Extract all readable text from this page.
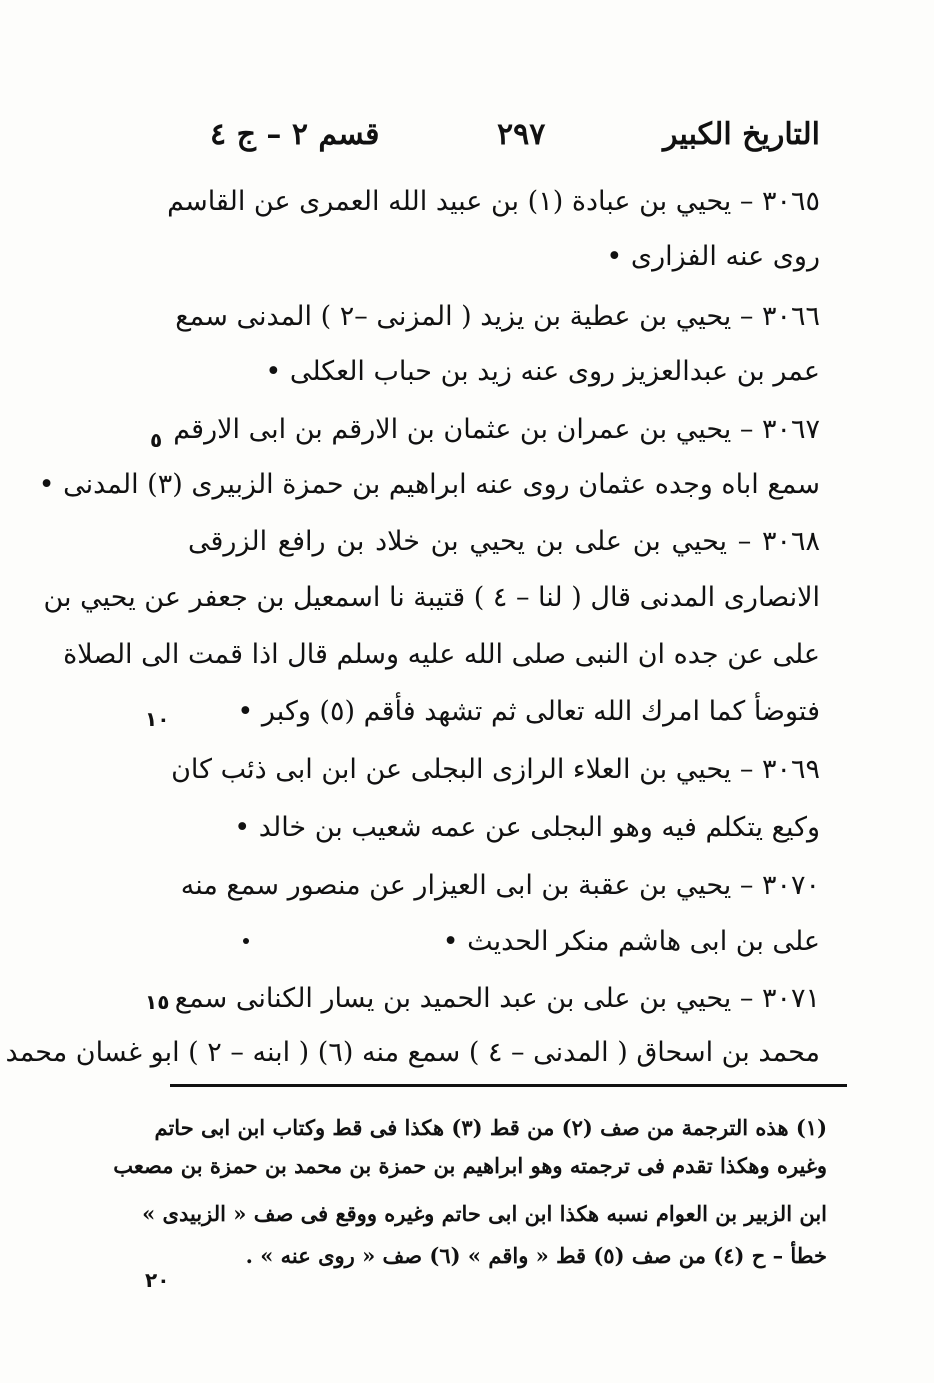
التاريخ الكبير
٢٩٧
قسم ٢ – ج ٤
٣٠٦٥ – يحيي بن عبادة (١) بن عبيد الله العمرى عن القاسم
روى عنه الفزارى •
٣٠٦٦ – يحيي بن عطية بن يزيد ( المزنى –٢ ) المدنى سمع
عمر بن عبدالعزيز روى عنه زيد بن حباب العكلى •
٣٠٦٧ – يحيي بن عمران بن عثمان بن الارقم بن ابى الارقم
سمع اباه وجده عثمان روى عنه ابراهيم بن حمزة الزبيرى (٣) المدنى •
٣٠٦٨ – يحيي بن على بن يحيي بن خلاد بن رافع الزرقى
الانصارى المدنى قال ( لنا – ٤ ) قتيبة نا اسمعيل بن جعفر عن يحيي بن
على عن جده ان النبى صلى الله عليه وسلم قال اذا قمت الى الصلاة
فتوضأ كما امرك الله تعالى ثم تشهد فأقم (٥) وكبر •
٣٠٦٩ – يحيي بن العلاء الرازى البجلى عن ابن ابى ذئب كان
وكيع يتكلم فيه وهو البجلى عن عمه شعيب بن خالد •
٣٠٧٠ – يحيي بن عقبة بن ابى العيزار عن منصور سمع منه
على بن ابى هاشم منكر الحديث •
٣٠٧١ – يحيي بن على بن عبد الحميد بن يسار الكنانى سمع
محمد بن اسحاق ( المدنى – ٤ ) سمع منه (٦) ( ابنه – ٢ ) ابو غسان محمد
٥
١٠
١٥
٢٠
(١) هذه الترجمة من صف (٢) من قط (٣) هكذا فى قط وكتاب ابن ابى حاتم
وغيره وهكذا تقدم فى ترجمته وهو ابراهيم بن حمزة بن محمد بن حمزة بن مصعب
ابن الزبير بن العوام نسبه هكذا ابن ابى حاتم وغيره ووقع فى صف « الزبيدى »
خطأ – ح (٤) من صف (٥) قط « واقم » (٦) صف « روى عنه » .
